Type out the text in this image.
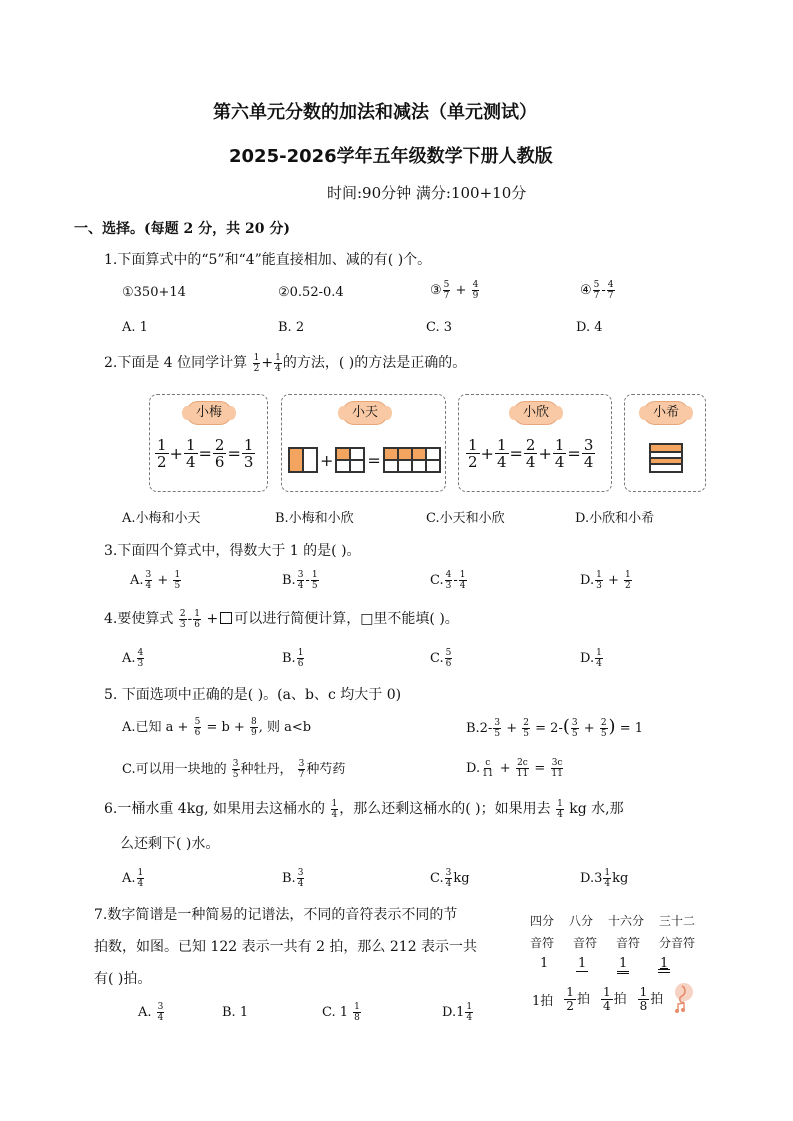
第六单元分数的加法和减法（单元测试）
2025-2026学年五年级数学下册人教版
时间:90分钟 满分:100+10分
一、选择。(每题 2 分，共 20 分)
1.下面算式中的“5”和“4”能直接相加、减的有( )个。
①350+14	②0.52-0.4	③ $\frac{5}{7} + \frac{4}{9}$	④ $\frac{5}{7} - \frac{4}{7}$
A. 1	B. 2	C. 3	D. 4
2.下面是 4 位同学计算 $\frac{1}{2} + \frac{1}{4}$ 的方法，( )的方法是正确的。
小梅
1
$2 + \frac{1}{4} = \frac{2}{6} = \frac{1}{3}$
小天
+ =
小欣
1
$2 + \frac{1}{4} = \frac{2}{4} + \frac{1}{4} = \frac{3}{4}$
小希
A.小梅和小天	B.小梅和小欣	C.小天和小欣	D.小欣和小希
3.下面四个算式中，得数大于 1 的是( )。
A. $\frac{3}{4} + \frac{1}{5}$	B. $\frac{3}{4} - \frac{1}{5}$	C. $\frac{4}{3} - \frac{1}{4}$	D. $\frac{1}{3} + \frac{1}{2}$
4.要使算式 $\frac{2}{3} - \frac{1}{6}$ + 可以进行简便计算，□里不能填( )。
A. $\frac{4}{3}$	B. $\frac{1}{6}$	C. $\frac{5}{6}$	D. $\frac{1}{4}$
5. 下面选项中正确的是( )。(a、b、c 均大于 0)
A.已知 $a + \frac{5}{6} = b + \frac{8}{9}$ , 则 a<b	$B.2- \frac{3}{5} + \frac{2}{5} = 2-( \frac{3}{5} + \frac{2}{5}$ ) = 1
C.可以用一块地的 $\frac{3}{5}$ 种牡丹， $\frac{3}{7}$ 种芍药	D. $\frac{c}{11} + \frac{2c}{11} = \frac{3c}{11}$
6.一桶水重 4kg, 如果用去这桶水的 $\frac{1}{4}$ ，那么还剩这桶水的( )；如果用去 $\frac{1}{4}$ kg 水,那
么还剩下( )水。
A. $\frac{1}{4}$	B. $\frac{3}{4}$	C. $\frac{3}{4}$ kg	$D.3 \frac{1}{4}$ kg
7.数字简谱是一种简易的记谱法，不同的音符表示不同的节
拍数，如图。已知 122 表示一共有 2 拍，那么 212 表示一共
有( )拍。
A. $\frac{3}{4}$	B. 1	C. $1 \frac{1}{8}$	$D.1 \frac{1}{4}$
四分 八分 十六分 三十二
音符 音符 音符 分音符
1 1	1	1
1拍 $\frac{1}{2}$ 拍 $\frac{1}{4}$ 拍 $\frac{1}{8}$ 拍
